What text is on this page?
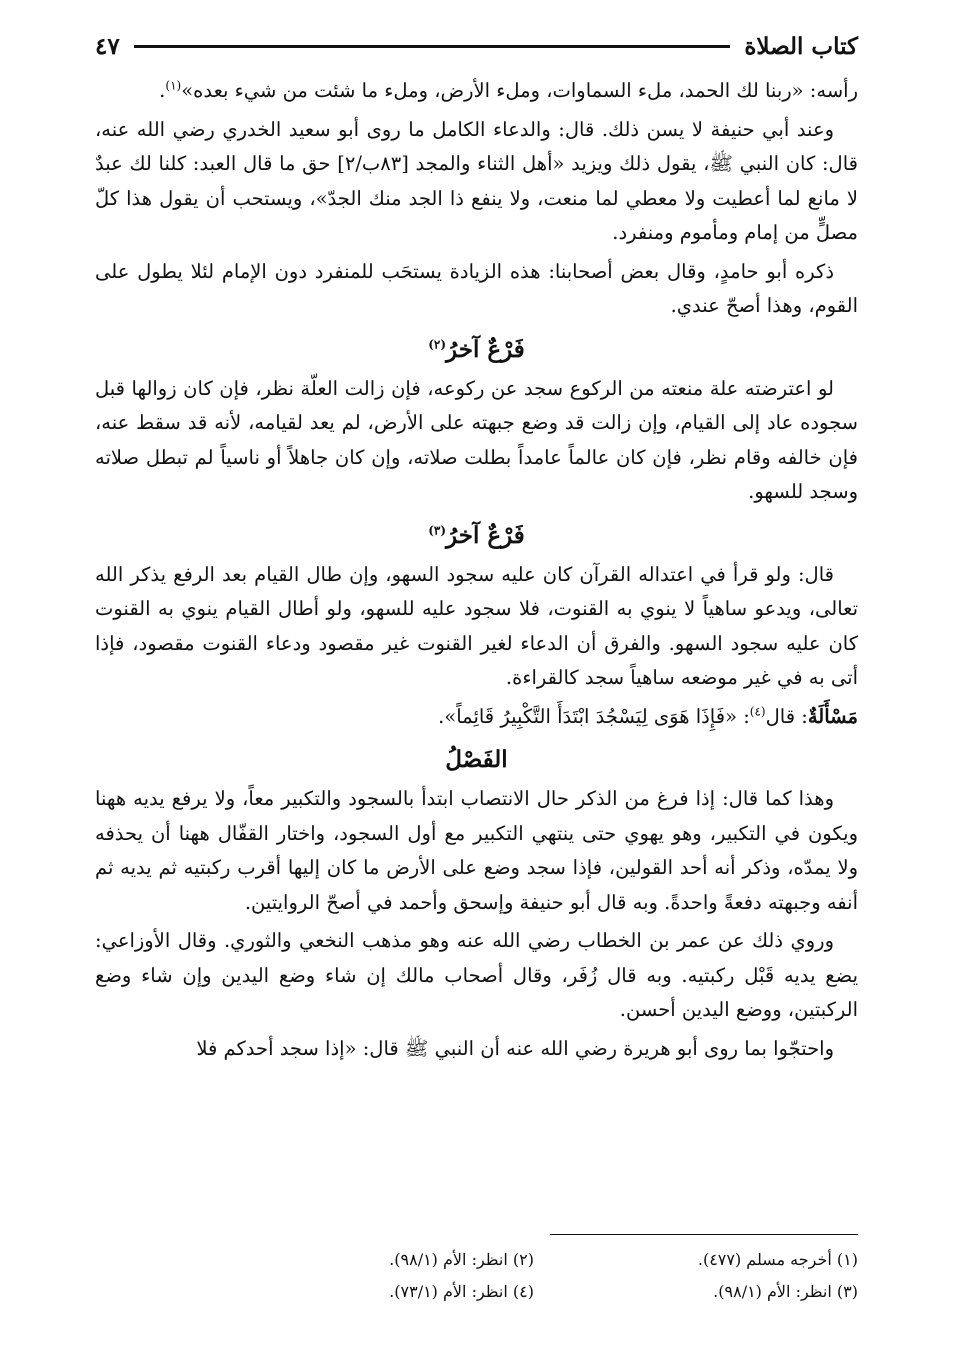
كتاب الصلاة
٤٧

رأسه: «ربنا لك الحمد، ملء السماوات، وملء الأرض، وملء ما شئت من شيء بعده»$^{(١)}$.

وعند أبي حنيفة لا يسن ذلك. قال: والدعاء الكامل ما روى أبو سعيد الخدري رضي الله عنه، قال: كان النبي ﷺ، يقول ذلك ويزيد «أهل الثناء والمجد [٨٣ب/٢] حق ما قال العبد: كلنا لك عبدٌ لا مانع لما أعطيت ولا معطي لما منعت، ولا ينفع ذا الجد منك الجدّ»، ويستحب أن يقول هذا كلّ مصلٍّ من إمام ومأموم ومنفرد.

ذكره أبو حامدٍ، وقال بعض أصحابنا: هذه الزيادة يستحَب للمنفرد دون الإمام لئلا يطول على القوم، وهذا أصحّ عندي.

فَرْعٌ آخرُ$^{(٢)}$

لو اعترضته علة منعته من الركوع سجد عن ركوعه، فإن زالت العلّة نظر، فإن كان زوالها قبل سجوده عاد إلى القيام، وإن زالت قد وضع جبهته على الأرض، لم يعد لقيامه، لأنه قد سقط عنه، فإن خالفه وقام نظر، فإن كان عالماً عامداً بطلت صلاته، وإن كان جاهلاً أو ناسياً لم تبطل صلاته وسجد للسهو.

فَرْعٌ آخرُ$^{(٣)}$

قال: ولو قرأ في اعتداله القرآن كان عليه سجود السهو، وإن طال القيام بعد الرفع يذكر الله تعالى، ويدعو ساهياً لا ينوي به القنوت، فلا سجود عليه للسهو، ولو أطال القيام ينوي به القنوت كان عليه سجود السهو. والفرق أن الدعاء لغير القنوت غير مقصود ودعاء القنوت مقصود، فإذا أتى به في غير موضعه ساهياً سجد كالقراءة.

مَسْأَلَةٌ: قال$^{(٤)}$: «فَإِذَا هَوَى لِيَسْجُدَ ابْتَدَأَ التَّكْبِيرُ قَائِماً».

الفَصْلُ

وهذا كما قال: إذا فرغ من الذكر حال الانتصاب ابتدأ بالسجود والتكبير معاً، ولا يرفع يديه ههنا ويكون في التكبير، وهو يهوي حتى ينتهي التكبير مع أول السجود، واختار القفّال ههنا أن يحذفه ولا يمدّه، وذكر أنه أحد القولين، فإذا سجد وضع على الأرض ما كان إليها أقرب ركبتيه ثم يديه ثم أنفه وجبهته دفعةً واحدةً. وبه قال أبو حنيفة وإسحق وأحمد في أصحّ الروايتين.

وروي ذلك عن عمر بن الخطاب رضي الله عنه وهو مذهب النخعي والثوري. وقال الأوزاعي: يضع يديه قَبْل ركبتيه. وبه قال زُفَر، وقال أصحاب مالك إن شاء وضع اليدين وإن شاء وضع الركبتين، ووضع اليدين أحسن.

واحتجّوا بما روى أبو هريرة رضي الله عنه أن النبي ﷺ قال: «إذا سجد أحدكم فلا

(١) أخرجه مسلم (٤٧٧).
(٢) انظر: الأم (٩٨/١).
(٣) انظر: الأم (٩٨/١).
(٤) انظر: الأم (٧٣/١).
